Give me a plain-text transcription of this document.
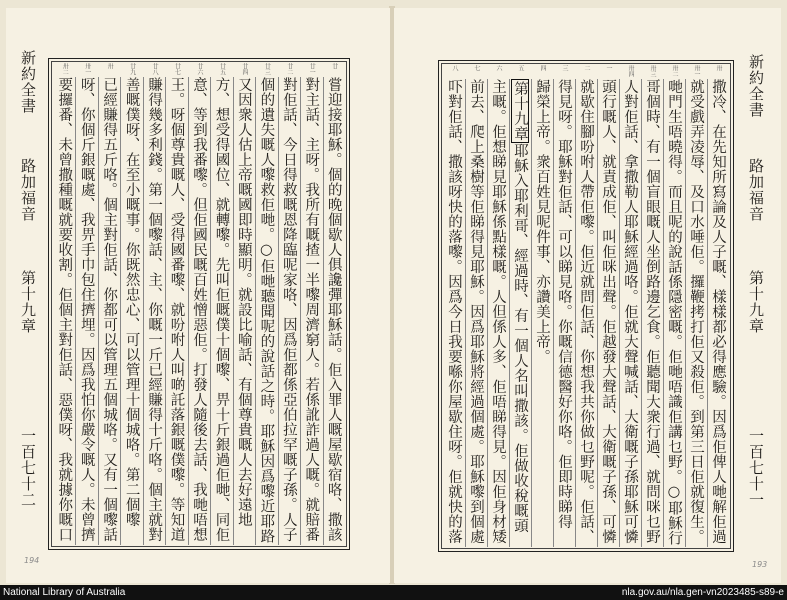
新約全書
路加福音
第十九章
一百七十二
嘗迎接耶穌。個的晚個歇人俱讒彈耶穌話。佢入罪人嘅屋歇宿咯、撒該
對主話、主呀。我所有嘅揸一半嚟周濟窮人。若係訛詐過人嘅。就賠番
對佢話、今日得救嘅恩降臨呢家咯、因爲佢都係亞伯拉罕嘅子孫。人子
個的遺失嘅人嚟救佢哋。○佢哋聽聞呢的說話之時。耶穌因爲嚟近耶路
又因衆人估上帝嘅國即時顯明。就設比喻話、有個尊貴嘅人去好遠地
方、想受得國位、就轉嚟。先叫佢嘅僕十個嚟、畀十斤銀過佢哋、同佢
意、等到我番嚟。但佢國民嘅百姓憎惡佢。打發人隨後去話、我哋唔想
王。呀個尊貴嘅人、受得國番嚟、就吩咐人叫啲託落銀嘅僕嚟。等知道
賺得幾多利錢。第一個嚟話、主、你嘅一斤已經賺得十斤咯。個主就對
善嘅僕呀、在至小嘅事。你既然忠心、可以管理十個城咯。第二個嚟
已經賺得五斤咯。個主對佢話、你都可以管理五個城咯。又有一個嚟話
呀、你個斤銀嘅處、我畀手巾包住擠埋。因爲我怕你嚴令嘅人。未曾擠
要攞番、未曾撒種嘅就要收割。佢個主對佢話、惡僕呀、我就據你嘅口
廿
廿一
廿二
廿三
廿四
廿五
廿六
廿七
廿八
廿九
卅
卅一
卅二
194
撒冷、在先知所寫論及人子嘅、樣樣都必得應驗。因爲佢俾人哋解佢過
就受戲弄凌辱、及口水唾佢。攞鞭拷打佢又殺佢。到第三日佢就復生。
哋門生唔曉得。而且呢的說話係隱密嘅。佢哋唔識佢講乜野。○耶穌行
哥個時、有一個盲眼嘅人坐倒路邊乞食。佢聽聞大衆行過、就問咪乜野
人對佢話、拿撒勒人耶穌經過咯。佢就大聲喊話、大衛嘅子孫耶穌可憐
頭行嘅人、就責成佢、叫佢咪出聲。佢越發大聲話、大衛嘅子孫、可憐
就歇住腳吩咐人帶佢嚟。佢近就問佢話、你想我共你做乜野呢。佢話、
得見呀。耶穌對佢話、可以睇見咯。你嘅信德醫好你咯。佢即時睇得
歸榮上帝。衆百姓見呢件事、亦讚美上帝。
第十九章耶穌入耶利哥、經過時、有一個人名叫撒該。佢做收稅嘅頭
主嘅。佢想睇見耶穌係點樣嘅。人但係人多、佢唔睇得見。因佢身材矮
前去、爬上桑樹等佢睇得見耶穌。因爲耶穌將經過個處。耶穌嚟到個處
吓對佢話、撒該呀快的落嚟。因爲今日我要喺你屋歇住呀。佢就快的落
卅
卅一
卅二
卅三
卅四
一
二
三
四
五
六
七
八	新約全書
路加福音
第十九章
一百七十一
193
National Library of Australia	nla.gov.au/nla.gen-vn2023485-s89-e
